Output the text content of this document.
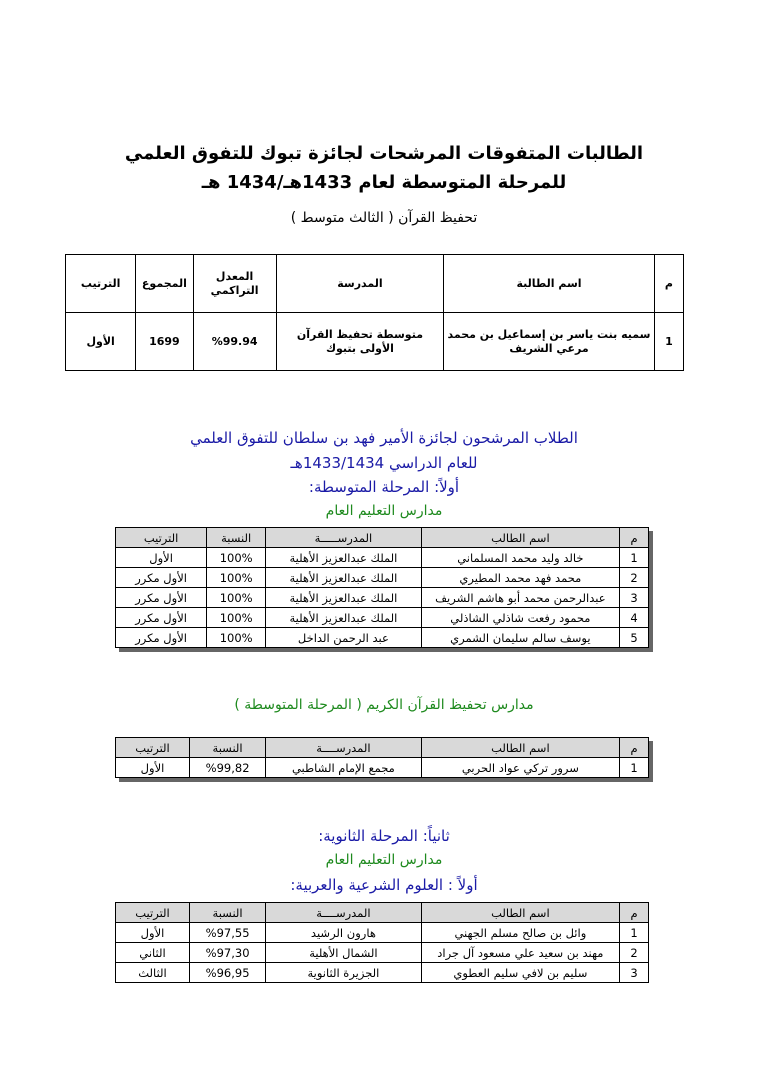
الطالبات المتفوقات المرشحات لجائزة تبوك للتفوق العلمي
للمرحلة المتوسطة لعام 1433هـ/1434 هـ
تحفيظ القرآن ( الثالث متوسط )
م	اسم الطالبة	المدرسة	المعدل التراكمي	المجموع	الترتيب
1	سميه بنت ياسر بن إسماعيل بن محمد مرعي الشريف	متوسطة تحفيظ القرآن الأولى بتبوك	%99.94	1699	الأول
الطلاب المرشحون لجائزة الأمير فهد بن سلطان للتفوق العلمي
للعام الدراسي 1433/1434هـ
أولاً: المرحلة المتوسطة:
مدارس التعليم العام
م	اسم الطالب	المدرســـــة	النسبة	الترتيب
1	خالد وليد محمد المسلماني	الملك عبدالعزيز الأهلية	100%	الأول
2	محمد فهد محمد المطيري	الملك عبدالعزيز الأهلية	100%	الأول مكرر
3	عبدالرحمن محمد أبو هاشم الشريف	الملك عبدالعزيز الأهلية	100%	الأول مكرر
4	محمود رفعت شاذلي الشاذلي	الملك عبدالعزيز الأهلية	100%	الأول مكرر
5	يوسف سالم سليمان الشمري	عبد الرحمن الداخل	100%	الأول مكرر
مدارس تحفيظ القرآن الكريم ( المرحلة المتوسطة )
م	اسم الطالب	المدرســــة	النسبة	الترتيب
1	سرور تركي عواد الحربي	مجمع الإمام الشاطبي	%99,82	الأول
ثانياً: المرحلة الثانوية:
مدارس التعليم العام
أولاً : العلوم الشرعية والعربية:
م	اسم الطالب	المدرســــة	النسبة	الترتيب
1	وائل بن صالح مسلم الجهني	هارون الرشيد	%97,55	الأول
2	مهند بن سعيد علي مسعود آل جراد	الشمال الأهلية	%97,30	الثاني
3	سليم بن لافي سليم العطوي	الجزيرة الثانوية	%96,95	الثالث
